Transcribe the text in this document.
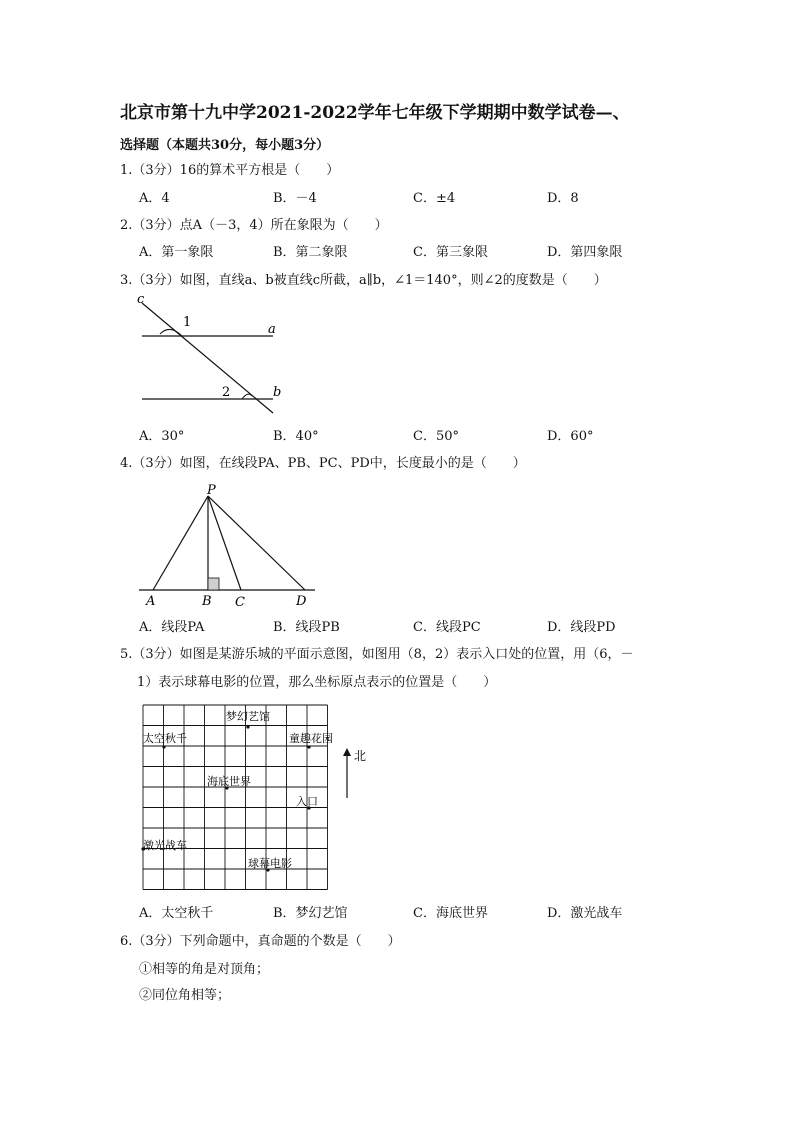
北京市第十九中学2021-2022学年七年级下学期期中数学试卷—、
选择题（本题共30分，每小题3分）
1.（3分）16的算术平方根是（　　）
A．4	B．－4	C．±4	D．8
2.（3分）点A（－3，4）所在象限为（　　）
A．第一象限	B．第二象限	C．第三象限	D．第四象限
3.（3分）如图，直线a、b被直线c所截，a∥b，∠1＝140°，则∠2的度数是（　　）
c
a
b
1
2
A．30°	B．40°	C．50°	D．60°
4.（3分）如图，在线段PA、PB、PC、PD中，长度最小的是（　　）
P
A	B C	D
A．线段PA	B．线段PB	C．线段PC	D．线段PD
5.（3分）如图是某游乐城的平面示意图，如图用（8，2）表示入口处的位置，用（6，－
1）表示球幕电影的位置，那么坐标原点表示的位置是（　　）
梦幻艺馆
太空秋千	童趣花园
海底世界
入口
激光战车
球幕电影
北
A．太空秋千	B．梦幻艺馆	C．海底世界	D．激光战车
6.（3分）下列命题中，真命题的个数是（　　）
①相等的角是对顶角；
②同位角相等；
